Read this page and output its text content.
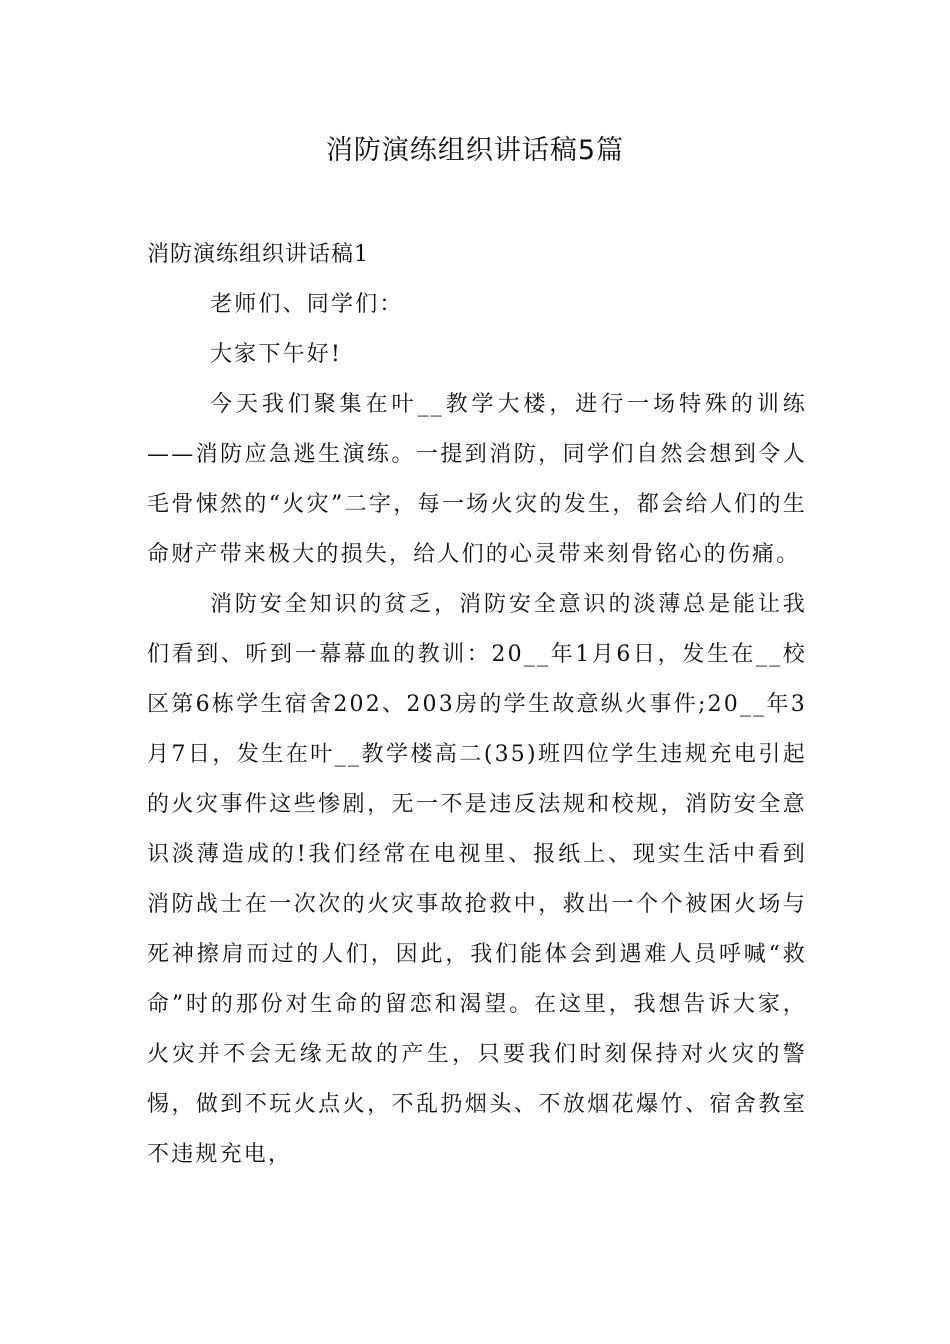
消防演练组织讲话稿5篇
消防演练组织讲话稿1

老师们、同学们：

大家下午好!

今天我们聚集在叶__教学大楼，进行一场特殊的训练——消防应急逃生演练。一提到消防，同学们自然会想到令人毛骨悚然的“火灾”二字，每一场火灾的发生，都会给人们的生命财产带来极大的损失，给人们的心灵带来刻骨铭心的伤痛。

消防安全知识的贫乏，消防安全意识的淡薄总是能让我们看到、听到一幕幕血的教训：20__年1月6日，发生在__校区第6栋学生宿舍202、203房的学生故意纵火事件;20__年3月7日，发生在叶__教学楼高二(35)班四位学生违规充电引起的火灾事件这些惨剧，无一不是违反法规和校规，消防安全意识淡薄造成的!我们经常在电视里、报纸上、现实生活中看到消防战士在一次次的火灾事故抢救中，救出一个个被困火场与死神擦肩而过的人们，因此，我们能体会到遇难人员呼喊“救命”时的那份对生命的留恋和渴望。在这里，我想告诉大家，火灾并不会无缘无故的产生，只要我们时刻保持对火灾的警惕，做到不玩火点火，不乱扔烟头、不放烟花爆竹、宿舍教室不违规充电，
